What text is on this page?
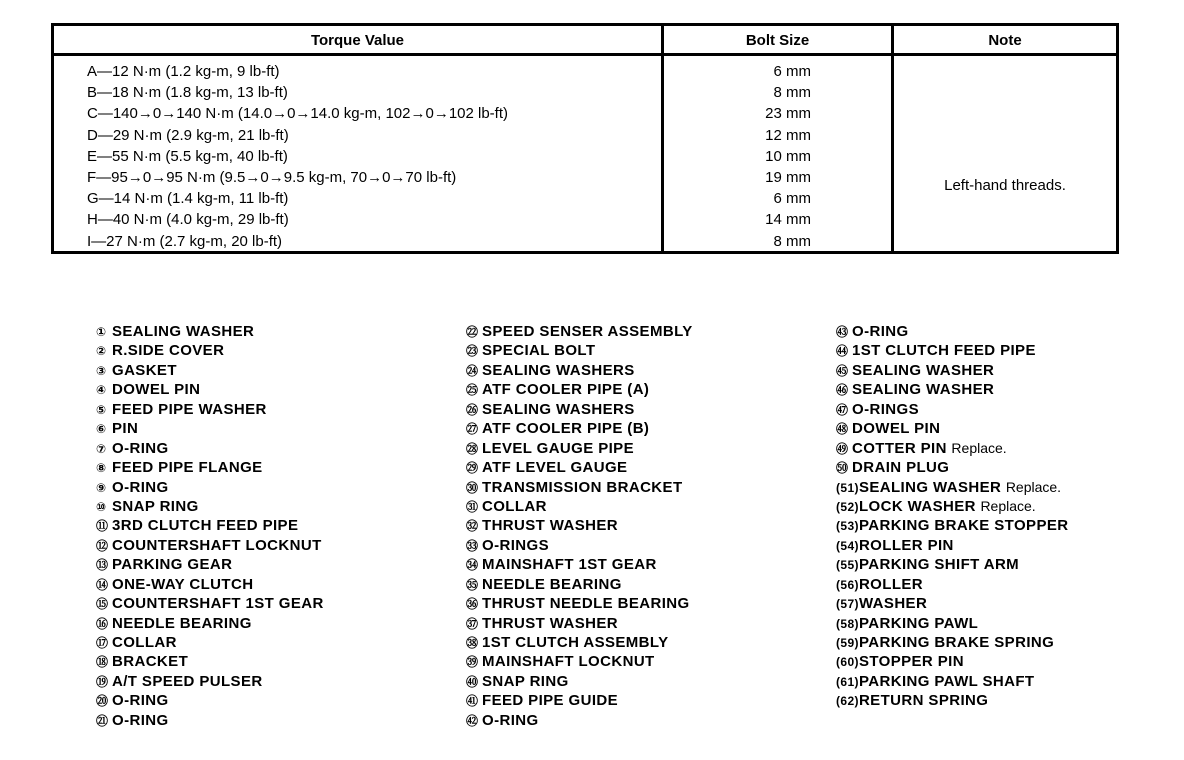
Torque Value
A—12 N·m (1.2 kg-m, 9 lb-ft)
B—18 N·m (1.8 kg-m, 13 lb-ft)
C—140→0→140 N·m (14.0→0→14.0 kg-m, 102→0→102 lb-ft)
D—29 N·m (2.9 kg-m, 21 lb-ft)
E—55 N·m (5.5 kg-m, 40 lb-ft)
F—95→0→95 N·m (9.5→0→9.5 kg-m, 70→0→70 lb-ft)
G—14 N·m (1.4 kg-m, 11 lb-ft)
H—40 N·m (4.0 kg-m, 29 lb-ft)
I—27 N·m (2.7 kg-m, 20 lb-ft)
Bolt Size
6 mm
8 mm
23 mm
12 mm
10 mm
19 mm
6 mm
14 mm
8 mm
Note
Left-hand threads.
① SEALING WASHER
② R.SIDE COVER
③ GASKET
④ DOWEL PIN
⑤ FEED PIPE WASHER
⑥ PIN
⑦ O-RING
⑧ FEED PIPE FLANGE
⑨ O-RING
⑩ SNAP RING
⑪ 3RD CLUTCH FEED PIPE
⑫ COUNTERSHAFT LOCKNUT
⑬ PARKING GEAR
⑭ ONE-WAY CLUTCH
⑮ COUNTERSHAFT 1ST GEAR
⑯ NEEDLE BEARING
⑰ COLLAR
⑱ BRACKET
⑲ A/T SPEED PULSER
⑳ O-RING
㉑ O-RING
㉒ SPEED SENSER ASSEMBLY
㉓ SPECIAL BOLT
㉔ SEALING WASHERS
㉕ ATF COOLER PIPE (A)
㉖ SEALING WASHERS
㉗ ATF COOLER PIPE (B)
㉘ LEVEL GAUGE PIPE
㉙ ATF LEVEL GAUGE
㉚ TRANSMISSION BRACKET
㉛ COLLAR
㉜ THRUST WASHER
㉝ O-RINGS
㉞ MAINSHAFT 1ST GEAR
㉟ NEEDLE BEARING
㊱ THRUST NEEDLE BEARING
㊲ THRUST WASHER
㊳ 1ST CLUTCH ASSEMBLY
㊴ MAINSHAFT LOCKNUT
㊵ SNAP RING
㊶ FEED PIPE GUIDE
㊷ O-RING
㊸ O-RING
㊹ 1ST CLUTCH FEED PIPE
㊺ SEALING WASHER
㊻ SEALING WASHER
㊼ O-RINGS
㊽ DOWEL PIN
㊾ COTTER PIN Replace.
㊿ DRAIN PLUG
(51)SEALING WASHER Replace.
(52)LOCK WASHER Replace.
(53)PARKING BRAKE STOPPER
(54)ROLLER PIN
(55)PARKING SHIFT ARM
(56)ROLLER
(57)WASHER
(58)PARKING PAWL
(59)PARKING BRAKE SPRING
(60)STOPPER PIN
(61)PARKING PAWL SHAFT
(62)RETURN SPRING
